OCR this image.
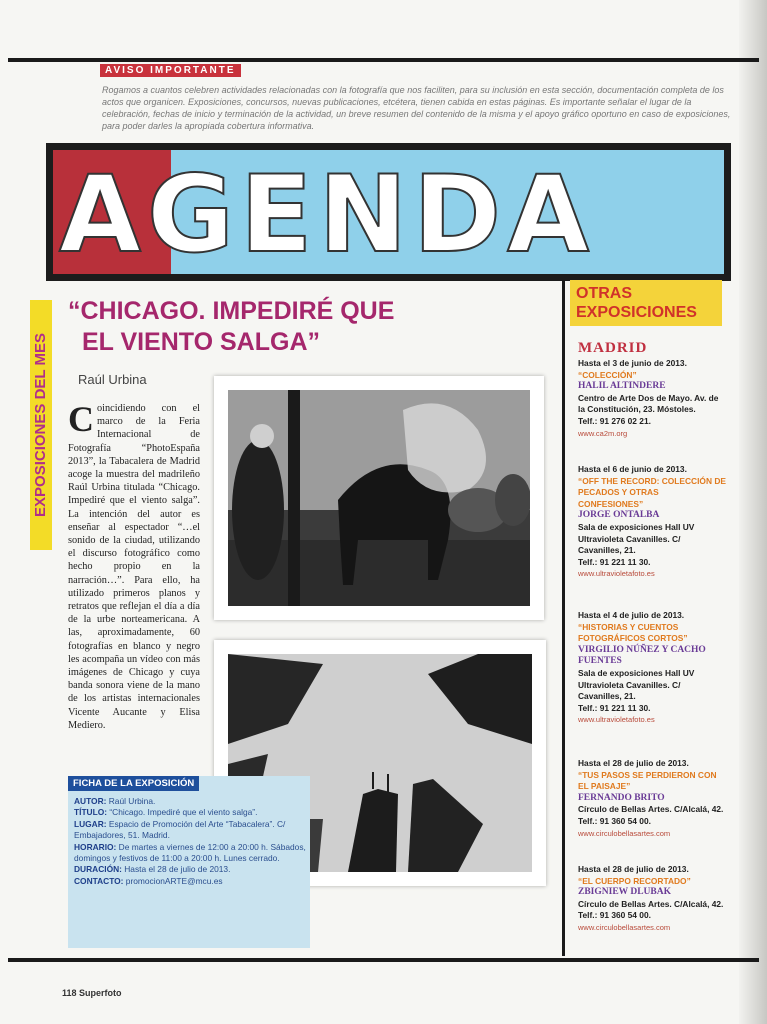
AVISO IMPORTANTE
Rogamos a cuantos celebren actividades relacionadas con la fotografía que nos faciliten, para su inclusión en esta sección, documentación completa de los actos que organicen. Exposiciones, concursos, nuevas publicaciones, etcétera, tienen cabida en estas páginas. Es importante señalar el lugar de la celebración, fechas de inicio y terminación de la actividad, un breve resumen del contenido de la misma y el apoyo gráfico oportuno en caso de exposiciones, para poder darles la apropiada cobertura informativa.
AGENDA
EXPOSICIONES DEL MES
“CHICAGO. IMPEDIRÉ QUE
EL VIENTO SALGA”
Raúl Urbina
C oincidiendo con el marco de la Feria Internacional de Fotografía “PhotoEspaña 2013”, la Tabacalera de Madrid acoge la muestra del madrileño Raúl Urbina titulada “Chicago. Impediré que el viento salga”. La intención del autor es enseñar al espectador “…el sonido de la ciudad, utilizando el discurso fotográfico como hecho propio en la narración…”. Para ello, ha utilizado primeros planos y retratos que reflejan el día a día de la urbe norteamericana. A las, aproximadamente, 60 fotografías en blanco y negro les acompaña un vídeo con más imágenes de Chicago y cuya banda sonora viene de la mano de los artistas internacionales Vicente Aucante y Elisa Mediero.
FICHA DE LA EXPOSICIÓN
AUTOR: Raúl Urbina.
TÍTULO: “Chicago. Impediré que el viento salga”.
LUGAR: Espacio de Promoción del Arte “Tabacalera”. C/ Embajadores, 51. Madrid.
HORARIO: De martes a viernes de 12:00 a 20:00 h. Sábados, domingos y festivos de 11:00 a 20:00 h. Lunes cerrado.
DURACIÓN: Hasta el 28 de julio de 2013.
CONTACTO: promocionARTE@mcu.es
OTRAS
EXPOSICIONES
MADRID
Hasta el 3 de junio de 2013.
“COLECCIÓN”
HALIL ALTINDERE
Centro de Arte Dos de Mayo. Av. de la Constitución, 23. Móstoles.
Telf.: 91 276 02 21.
www.ca2m.org
Hasta el 6 de junio de 2013.
“OFF THE RECORD: COLECCIÓN DE PECADOS Y OTRAS CONFESIONES”
JORGE ONTALBA
Sala de exposiciones Hall UV Ultravioleta Cavanilles. C/ Cavanilles, 21.
Telf.: 91 221 11 30.
www.ultravioletafoto.es
Hasta el 4 de julio de 2013.
“HISTORIAS Y CUENTOS FOTOGRÁFICOS CORTOS”
VIRGILIO NÚÑEZ Y CACHO FUENTES
Sala de exposiciones Hall UV Ultravioleta Cavanilles. C/ Cavanilles, 21.
Telf.: 91 221 11 30.
www.ultravioletafoto.es
Hasta el 28 de julio de 2013.
“TUS PASOS SE PERDIERON CON EL PAISAJE”
FERNANDO BRITO
Círculo de Bellas Artes. C/Alcalá, 42.
Telf.: 91 360 54 00.
www.circulobellasartes.com
Hasta el 28 de julio de 2013.
“EL CUERPO RECORTADO”
ZBIGNIEW DLUBAK
Círculo de Bellas Artes. C/Alcalá, 42.
Telf.: 91 360 54 00.
www.circulobellasartes.com
118 Superfoto
